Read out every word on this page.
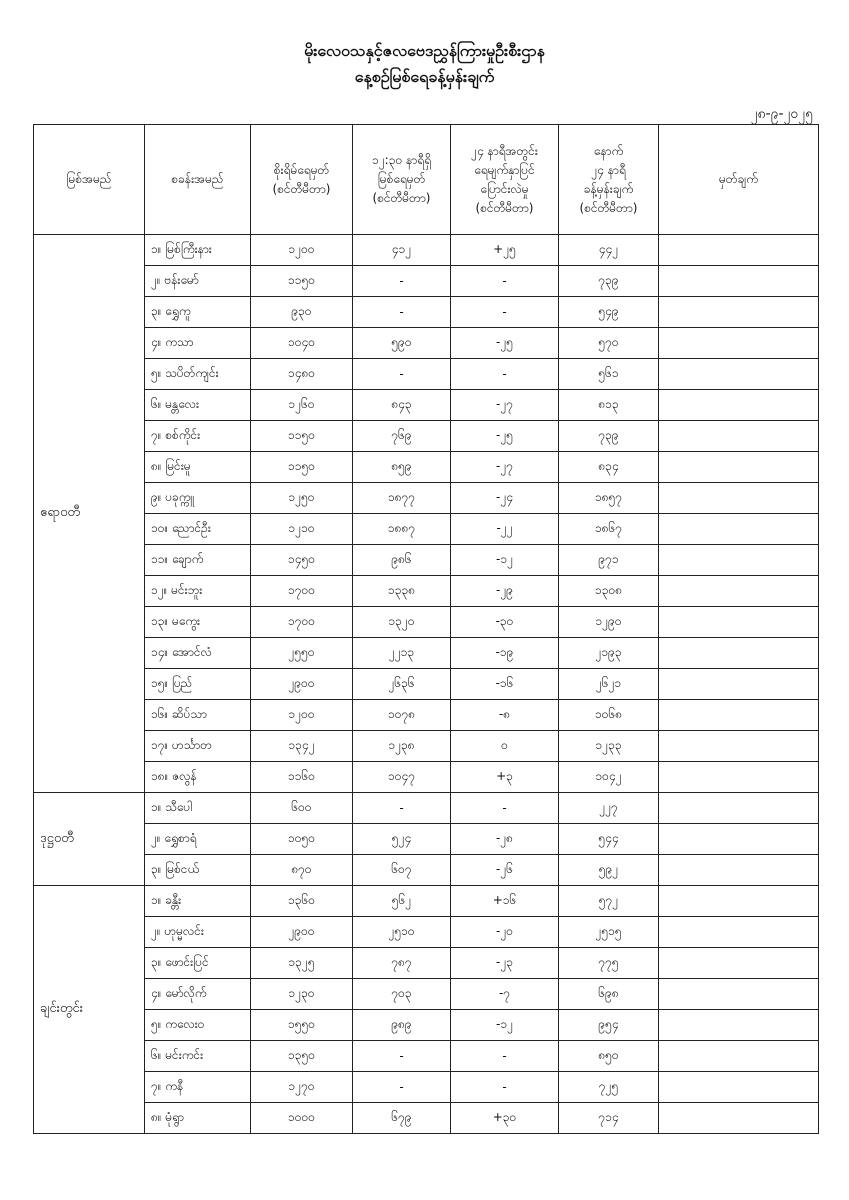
မိုးလေဝသနှင့်ဇလဗေဒညွှန်ကြားမှုဦးစီးဌာန
နေ့စဥ်မြစ်ရေခန့်မှန်းချက်
၂၈-၉-၂၀၂၅
မြစ်အမည်	စခန်းအမည်	စိုးရိမ်ရေမှတ်
(စင်တီမီတာ)	၁၂:၃၀ နာရီရှိ
မြစ်ရေမှတ်
(စင်တီမီတာ)	၂၄ နာရီအတွင်း
ရေမျက်နှာပြင်
ပြောင်းလဲမှု
(စင်တီမီတာ)	နောက်
၂၄ နာရီ
ခန့်မှန်းချက်
(စင်တီမီတာ)	မှတ်ချက်
ဧရာဝတီ	၁။ မြစ်ကြီးနား	၁၂၀၀	၄၁၂	+၂၅	၄၄၂	
	၂။ ဗန်းမော်	၁၁၅၀	-	-	၇၃၉	
	၃။ ရွှေကူ	၉၃၀	-	-	၅၄၉	
	၄။ ကသာ	၁၀၄၀	၅၉၀	-၂၅	၅၇၀	
	၅။ သပိတ်ကျင်း	၁၄၈၀	-	-	၅၆၁	
	၆။ မန္တလေး	၁၂၆၀	၈၄၃	-၂၇	၈၁၃	
	၇။ စစ်ကိုင်း	၁၁၅၀	၇၆၉	-၂၅	၇၃၉	
	၈။ မြင်းမူ	၁၁၅၀	၈၅၉	-၂၇	၈၃၄	
	၉။ ပခုက္ကူ	၁၂၅၀	၁၈၇၇	-၂၄	၁၈၅၇	
	၁၀။ ညောင်ဦး	၁၂၁၀	၁၈၈၇	-၂၂	၁၈၆၇	
	၁၁။ ချောက်	၁၄၅၀	၉၈၆	-၁၂	၉၇၁	
	၁၂။ မင်းဘူး	၁၇၀၀	၁၃၃၈	-၂၉	၁၃၀၈	
	၁၃။ မကွေး	၁၇၀၀	၁၃၂၀	-၃၀	၁၂၉၀	
	၁၄။ အောင်လံ	၂၅၅၀	၂၂၁၃	-၁၉	၂၁၉၃	
	၁၅။ ပြည်	၂၉၀၀	၂၆၃၆	-၁၆	၂၆၂၁	
	၁၆။ ဆိပ်သာ	၁၂၀၀	၁၀၇၈	-၈	၁၀၆၈	
	၁၇။ ဟင်္သာတ	၁၃၄၂	၁၂၃၈	၀	၁၂၃၃	
	၁၈။ ဇလွန်	၁၁၆၀	၁၀၄၇	+၃	၁၀၄၂	
ဒုဋ္ဌဝတီ	၁။ သီပေါ	၆၀၀	-	-	၂၂၇	
	၂။ ရွှေစာရံ	၁၀၅၀	၅၂၄	-၂၈	၅၄၄	
	၃။ မြစ်ငယ်	၈၇၀	၆၀၇	-၂၆	၅၉၂	
ချင်းတွင်း	၁။ ခန္တီး	၁၃၆၀	၅၆၂	+၁၆	၅၇၂	
	၂။ ဟုမ္မလင်း	၂၉၀၀	၂၅၁၀	-၂၀	၂၅၁၅	
	၃။ ဖောင်းပြင်	၁၃၂၅	၇၈၇	-၂၃	၇၇၅	
	၄။ မော်လိုက်	၁၂၃၀	၇၀၃	-၇	၆၉၈	
	၅။ ကလေးဝ	၁၅၅၀	၉၈၉	-၁၂	၉၅၄	
	၆။ မင်းကင်း	၁၃၅၀	-	-	၈၅၀	
	၇။ ကနီ	၁၂၇၀	-	-	၇၂၅	
	၈။ မုံရွာ	၁၀၀၀	၆၇၉	+၃၀	၇၁၄	
